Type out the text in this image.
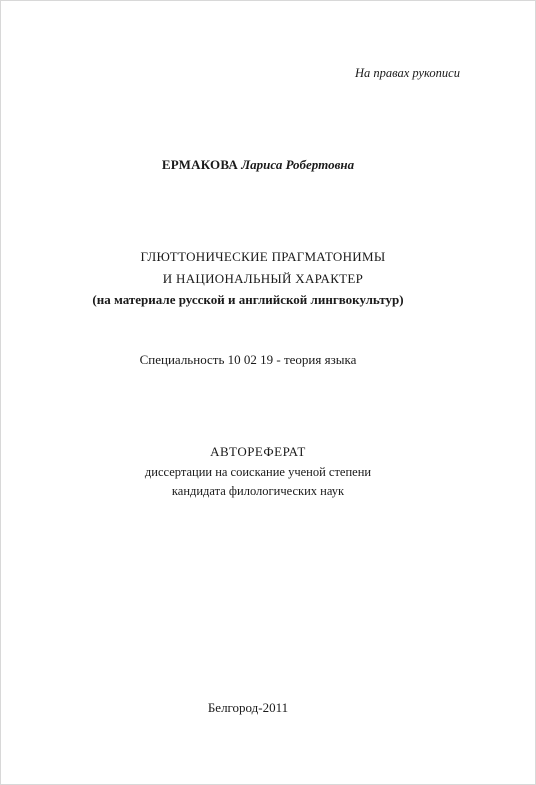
На правах рукописи
ЕРМАКОВА Лариса Робертовна
ГЛЮТТОНИЧЕСКИЕ ПРАГМАТОНИМЫ
И НАЦИОНАЛЬНЫЙ ХАРАКТЕР
(на материале русской и английской лингвокультур)
Специальность 10 02 19 - теория языка
АВТОРЕФЕРАТ
диссертации на соискание ученой степени
кандидата филологических наук
Белгород-2011
